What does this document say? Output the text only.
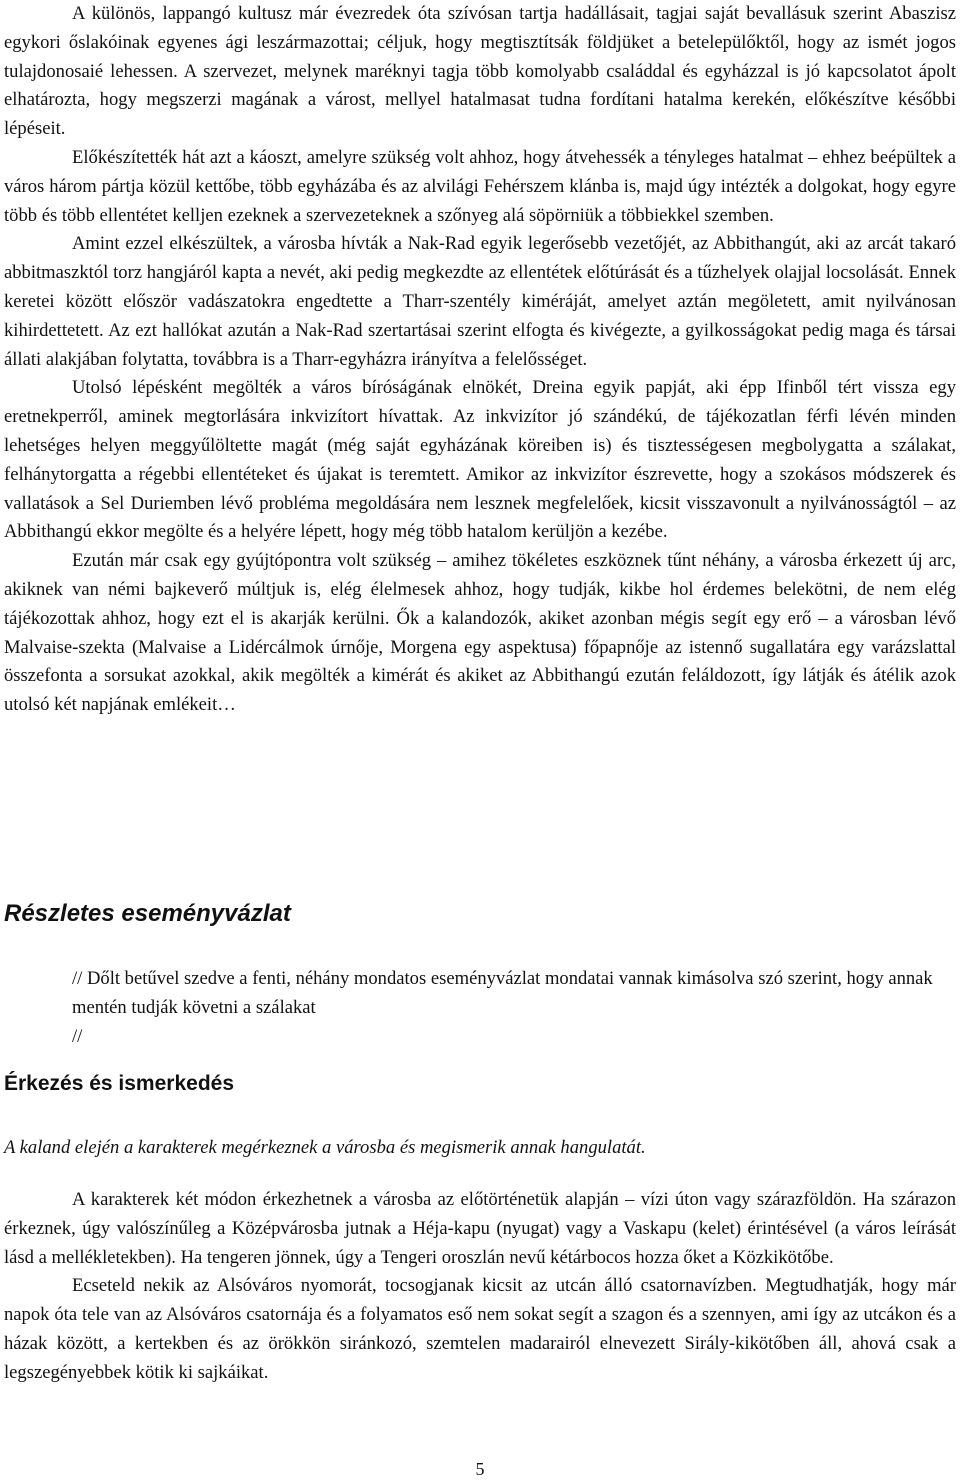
A különös, lappangó kultusz már évezredek óta szívósan tartja hadállásait, tagjai saját bevallásuk szerint Abaszisz egykori őslakóinak egyenes ági leszármazottai; céljuk, hogy megtisztítsák földjüket a betelepülőktől, hogy az ismét jogos tulajdonosaié lehessen. A szervezet, melynek maréknyi tagja több komolyabb családdal és egyházzal is jó kapcsolatot ápolt elhatározta, hogy megszerzi magának a várost, mellyel hatalmasat tudna fordítani hatalma kerekén, előkészítve későbbi lépéseit.

Előkészítették hát azt a káoszt, amelyre szükség volt ahhoz, hogy átvehessék a tényleges hatalmat – ehhez beépültek a város három pártja közül kettőbe, több egyházába és az alvilági Fehérszem klánba is, majd úgy intézték a dolgokat, hogy egyre több és több ellentétet kelljen ezeknek a szervezeteknek a szőnyeg alá söpörniük a többiekkel szemben.

Amint ezzel elkészültek, a városba hívták a Nak-Rad egyik legerősebb vezetőjét, az Abbithangút, aki az arcát takaró abbitmaszktól torz hangjáról kapta a nevét, aki pedig megkezdte az ellentétek előtúrását és a tűzhelyek olajjal locsolását. Ennek keretei között először vadászatokra engedtette a Tharr-szentély kiméráját, amelyet aztán megöletett, amit nyilvánosan kihirdettetett. Az ezt hallókat azután a Nak-Rad szertartásai szerint elfogta és kivégezte, a gyilkosságokat pedig maga és társai állati alakjában folytatta, továbbra is a Tharr-egyházra irányítva a felelősséget.

Utolsó lépésként megölték a város bíróságának elnökét, Dreina egyik papját, aki épp Ifinből tért vissza egy eretnekperről, aminek megtorlására inkvizítort hívattak. Az inkvizítor jó szándékú, de tájékozatlan férfi lévén minden lehetséges helyen meggyűlöltette magát (még saját egyházának köreiben is) és tisztességesen megbolygatta a szálakat, felhánytorgatta a régebbi ellentéteket és újakat is teremtett. Amikor az inkvizítor észrevette, hogy a szokásos módszerek és vallatások a Sel Duriemben lévő probléma megoldására nem lesznek megfelelőek, kicsit visszavonult a nyilvánosságtól – az Abbithangú ekkor megölte és a helyére lépett, hogy még több hatalom kerüljön a kezébe.

Ezután már csak egy gyújtópontra volt szükség – amihez tökéletes eszköznek tűnt néhány, a városba érkezett új arc, akiknek van némi bajkeverő múltjuk is, elég élelmesek ahhoz, hogy tudják, kikbe hol érdemes belekötni, de nem elég tájékozottak ahhoz, hogy ezt el is akarják kerülni. Ők a kalandozók, akiket azonban mégis segít egy erő – a városban lévő Malvaise-szekta (Malvaise a Lidércálmok úrnője, Morgena egy aspektusa) főpapnője az istennő sugallatára egy varázslattal összefonta a sorsukat azokkal, akik megölték a kimérát és akiket az Abbithangú ezután feláldozott, így látják és átélik azok utolsó két napjának emlékeit…

Részletes eseményvázlat
// Dőlt betűvel szedve a fenti, néhány mondatos eseményvázlat mondatai vannak kimásolva szó szerint, hogy annak mentén tudják követni a szálakat
//
Érkezés és ismerkedés

A kaland elején a karakterek megérkeznek a városba és megismerik annak hangulatát.

A karakterek két módon érkezhetnek a városba az előtörténetük alapján – vízi úton vagy szárazföldön. Ha szárazon érkeznek, úgy valószínűleg a Középvárosba jutnak a Héja-kapu (nyugat) vagy a Vaskapu (kelet) érintésével (a város leírását lásd a mellékletekben). Ha tengeren jönnek, úgy a Tengeri oroszlán nevű kétárbocos hozza őket a Közkikötőbe.

Ecseteld nekik az Alsóváros nyomorát, tocsogjanak kicsit az utcán álló csatornavízben. Megtudhatják, hogy már napok óta tele van az Alsóváros csatornája és a folyamatos eső nem sokat segít a szagon és a szennyen, ami így az utcákon és a házak között, a kertekben és az örökkön siránkozó, szemtelen madarairól elnevezett Sirály-kikötőben áll, ahová csak a legszegényebbek kötik ki sajkáikat.

5
